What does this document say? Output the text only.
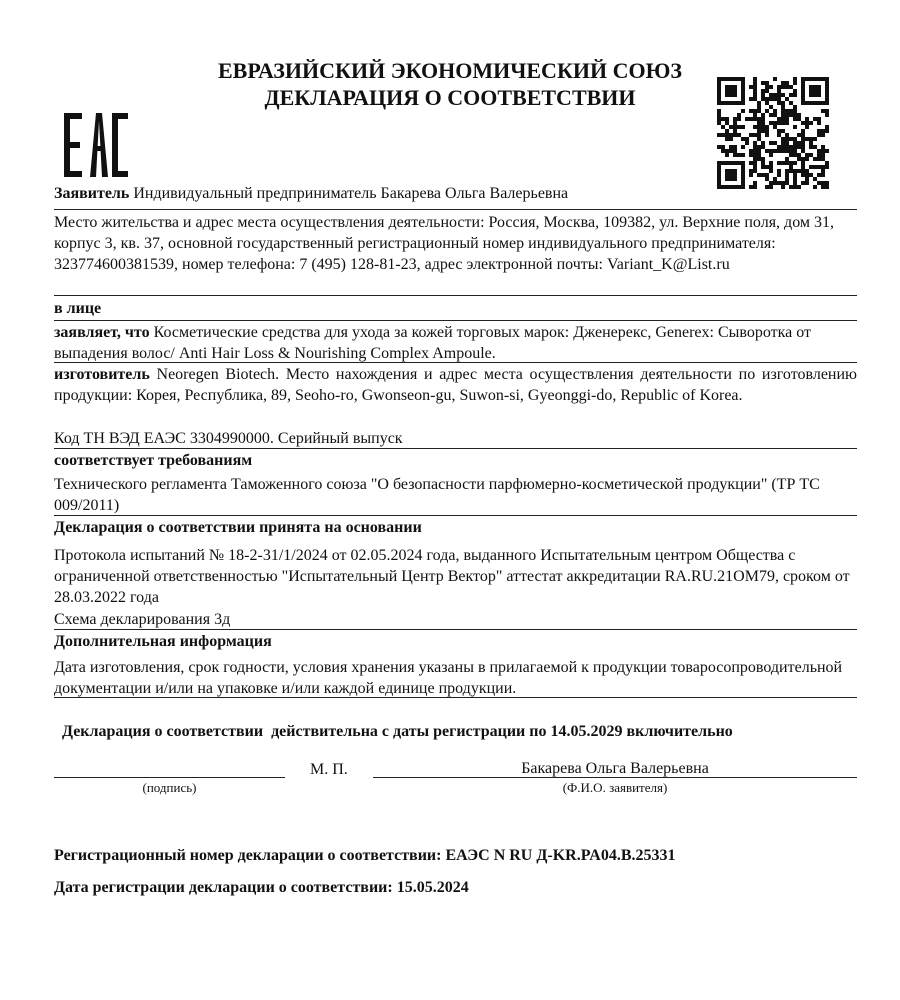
ЕВРАЗИЙСКИЙ ЭКОНОМИЧЕСКИЙ СОЮЗ
ДЕКЛАРАЦИЯ О СООТВЕТСТВИИ
Заявитель Индивидуальный предприниматель Бакарева Ольга Валерьевна
Место жительства и адрес места осуществления деятельности: Россия, Москва, 109382, ул. Верхние поля, дом 31, корпус 3, кв. 37, основной государственный регистрационный номер индивидуального предпринимателя: 323774600381539, номер телефона: 7 (495) 128-81-23, адрес электронной почты: Variant_K@List.ru
в лице
заявляет, что Косметические средства для ухода за кожей торговых марок: Дженерекс, Generex: Сыворотка от выпадения волос/ Anti Hair Loss & Nourishing Complex Ampoule.
изготовитель Neoregen Biotech. Место нахождения и адрес места осуществления деятельности по изготовлению продукции: Корея, Республика, 89, Seoho-ro, Gwonseon-gu, Suwon-si, Gyeonggi-do, Republic of Korea.
Код ТН ВЭД ЕАЭС 3304990000. Серийный выпуск
соответствует требованиям
Технического регламента Таможенного союза "О безопасности парфюмерно-косметической продукции" (ТР ТС 009/2011)
Декларация о соответствии принята на основании
Протокола испытаний № 18-2-31/1/2024 от 02.05.2024 года, выданного Испытательным центром Общества с ограниченной ответственностью "Испытательный Центр Вектор" аттестат аккредитации RA.RU.21ОМ79, сроком от 28.03.2022 года
Схема декларирования 3д
Дополнительная информация
Дата изготовления, срок годности, условия хранения указаны в прилагаемой к продукции товаросопроводительной документации и/или на упаковке и/или каждой единице продукции.

Декларация о соответствии  действительна с даты регистрации по 14.05.2029 включительно

М. П.	Бакарева Ольга Валерьевна
(подпись)	(Ф.И.О. заявителя)
Регистрационный номер декларации о соответствии: ЕАЭС N RU Д-KR.PA04.B.25331
Дата регистрации декларации о соответствии: 15.05.2024
